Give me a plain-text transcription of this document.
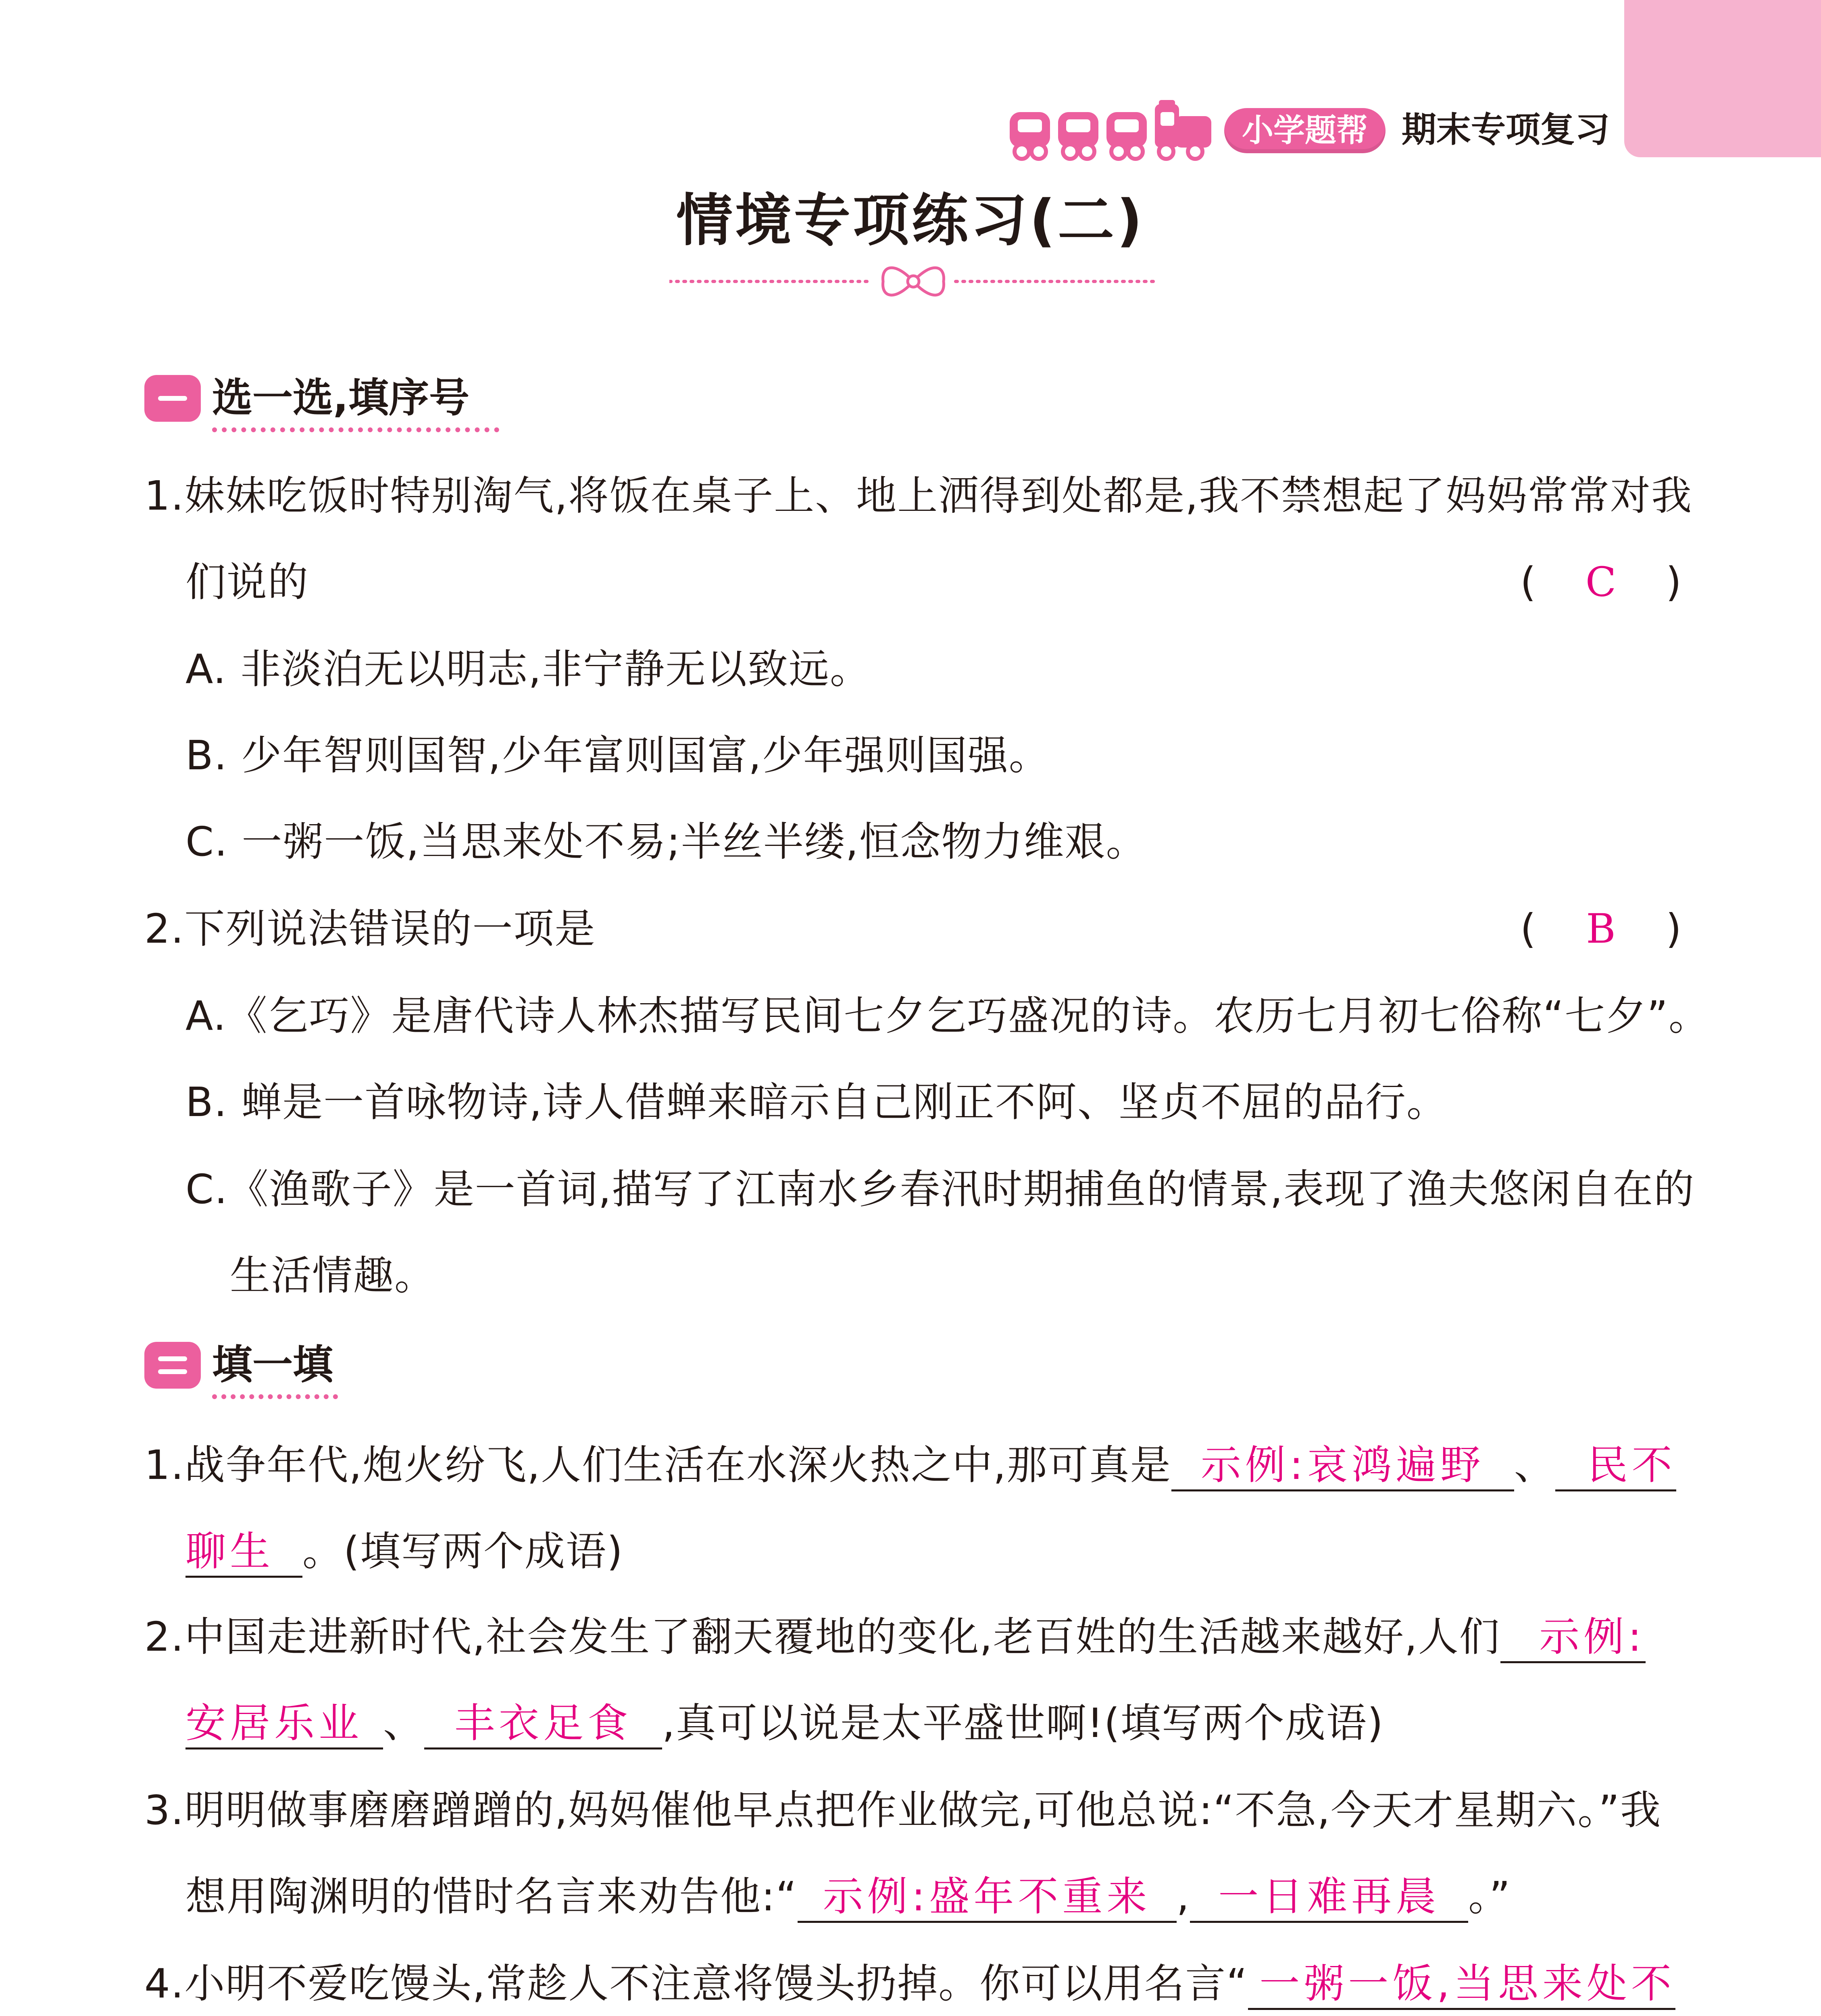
小学题帮 期末专项复习
情境专项练习(二)
选一选,填序号
1.妹妹吃饭时特别淘气,将饭在桌子上、地上洒得到处都是,我不禁想起了妈妈常常对我
们说的	(	C	)
A. 非淡泊无以明志,非宁静无以致远。
B. 少年智则国智,少年富则国富,少年强则国强。
C. 一粥一饭,当思来处不易;半丝半缕,恒念物力维艰。
2.下列说法错误的一项是	(	B	)
A.《乞巧》是唐代诗人林杰描写民间七夕乞巧盛况的诗。农历七月初七俗称“七夕”。
B. 蝉是一首咏物诗,诗人借蝉来暗示自己刚正不阿、坚贞不屈的品行。
C.《渔歌子》是一首词,描写了江南水乡春汛时期捕鱼的情景,表现了渔夫悠闲自在的
生活情趣。
填一填
1.战争年代,炮火纷飞,人们生活在水深火热之中,那可真是 示例:哀鸿遍野 、 民不
聊生 。(填写两个成语)
2.中国走进新时代,社会发生了翻天覆地的变化,老百姓的生活越来越好,人们 示例:
安居乐业 、 丰衣足食 ,真可以说是太平盛世啊!(填写两个成语)
3.明明做事磨磨蹭蹭的,妈妈催他早点把作业做完,可他总说:“不急,今天才星期六。”我
想用陶渊明的惜时名言来劝告他:“ 示例:盛年不重来 , 一日难再晨 。”
4.小明不爱吃馒头,常趁人不注意将馒头扔掉。你可以用名言“ 一粥一饭,当思来处不
